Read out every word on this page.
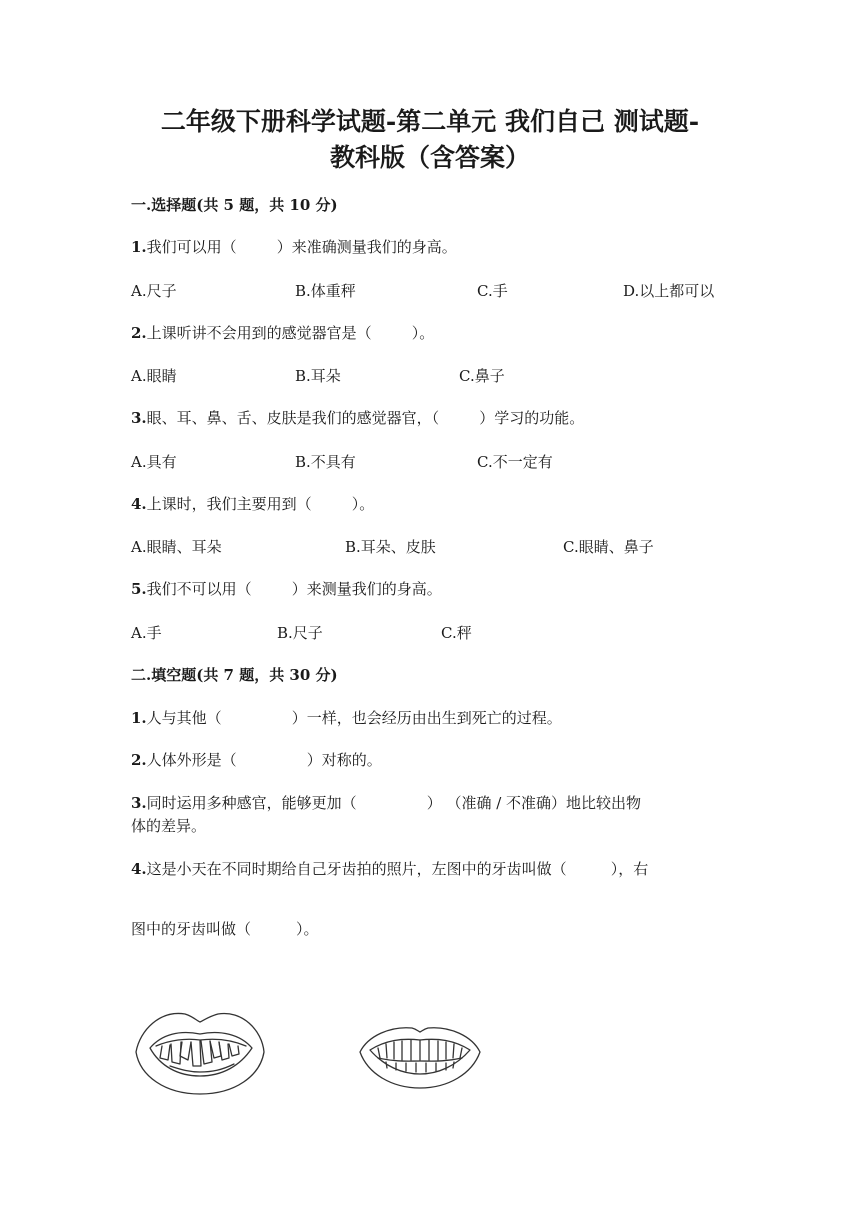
二年级下册科学试题-第二单元 我们自己 测试题-
教科版（含答案）
一.选择题(共 5 题，共 10 分)
1.我们可以用（	）来准确测量我们的身高。
A.尺子	B.体重秤	C.手	D.以上都可以
2.上课听讲不会用到的感觉器官是（	）。
A.眼睛	B.耳朵	C.鼻子
3.眼、耳、鼻、舌、皮肤是我们的感觉器官，（	）学习的功能。
A.具有	B.不具有	C.不一定有
4.上课时，我们主要用到（	）。
A.眼睛、耳朵	B.耳朵、皮肤	C.眼睛、鼻子
5.我们不可以用（	）来测量我们的身高。
A.手	B.尺子	C.秤
二.填空题(共 7 题，共 30 分)
1.人与其他（	）一样，也会经历由出生到死亡的过程。
2.人体外形是（	）对称的。
3.同时运用多种感官，能够更加（	） （准确 / 不准确）地比较出物
体的差异。
4.这是小天在不同时期给自己牙齿拍的照片，左图中的牙齿叫做（	），右
图中的牙齿叫做（　　　）。
